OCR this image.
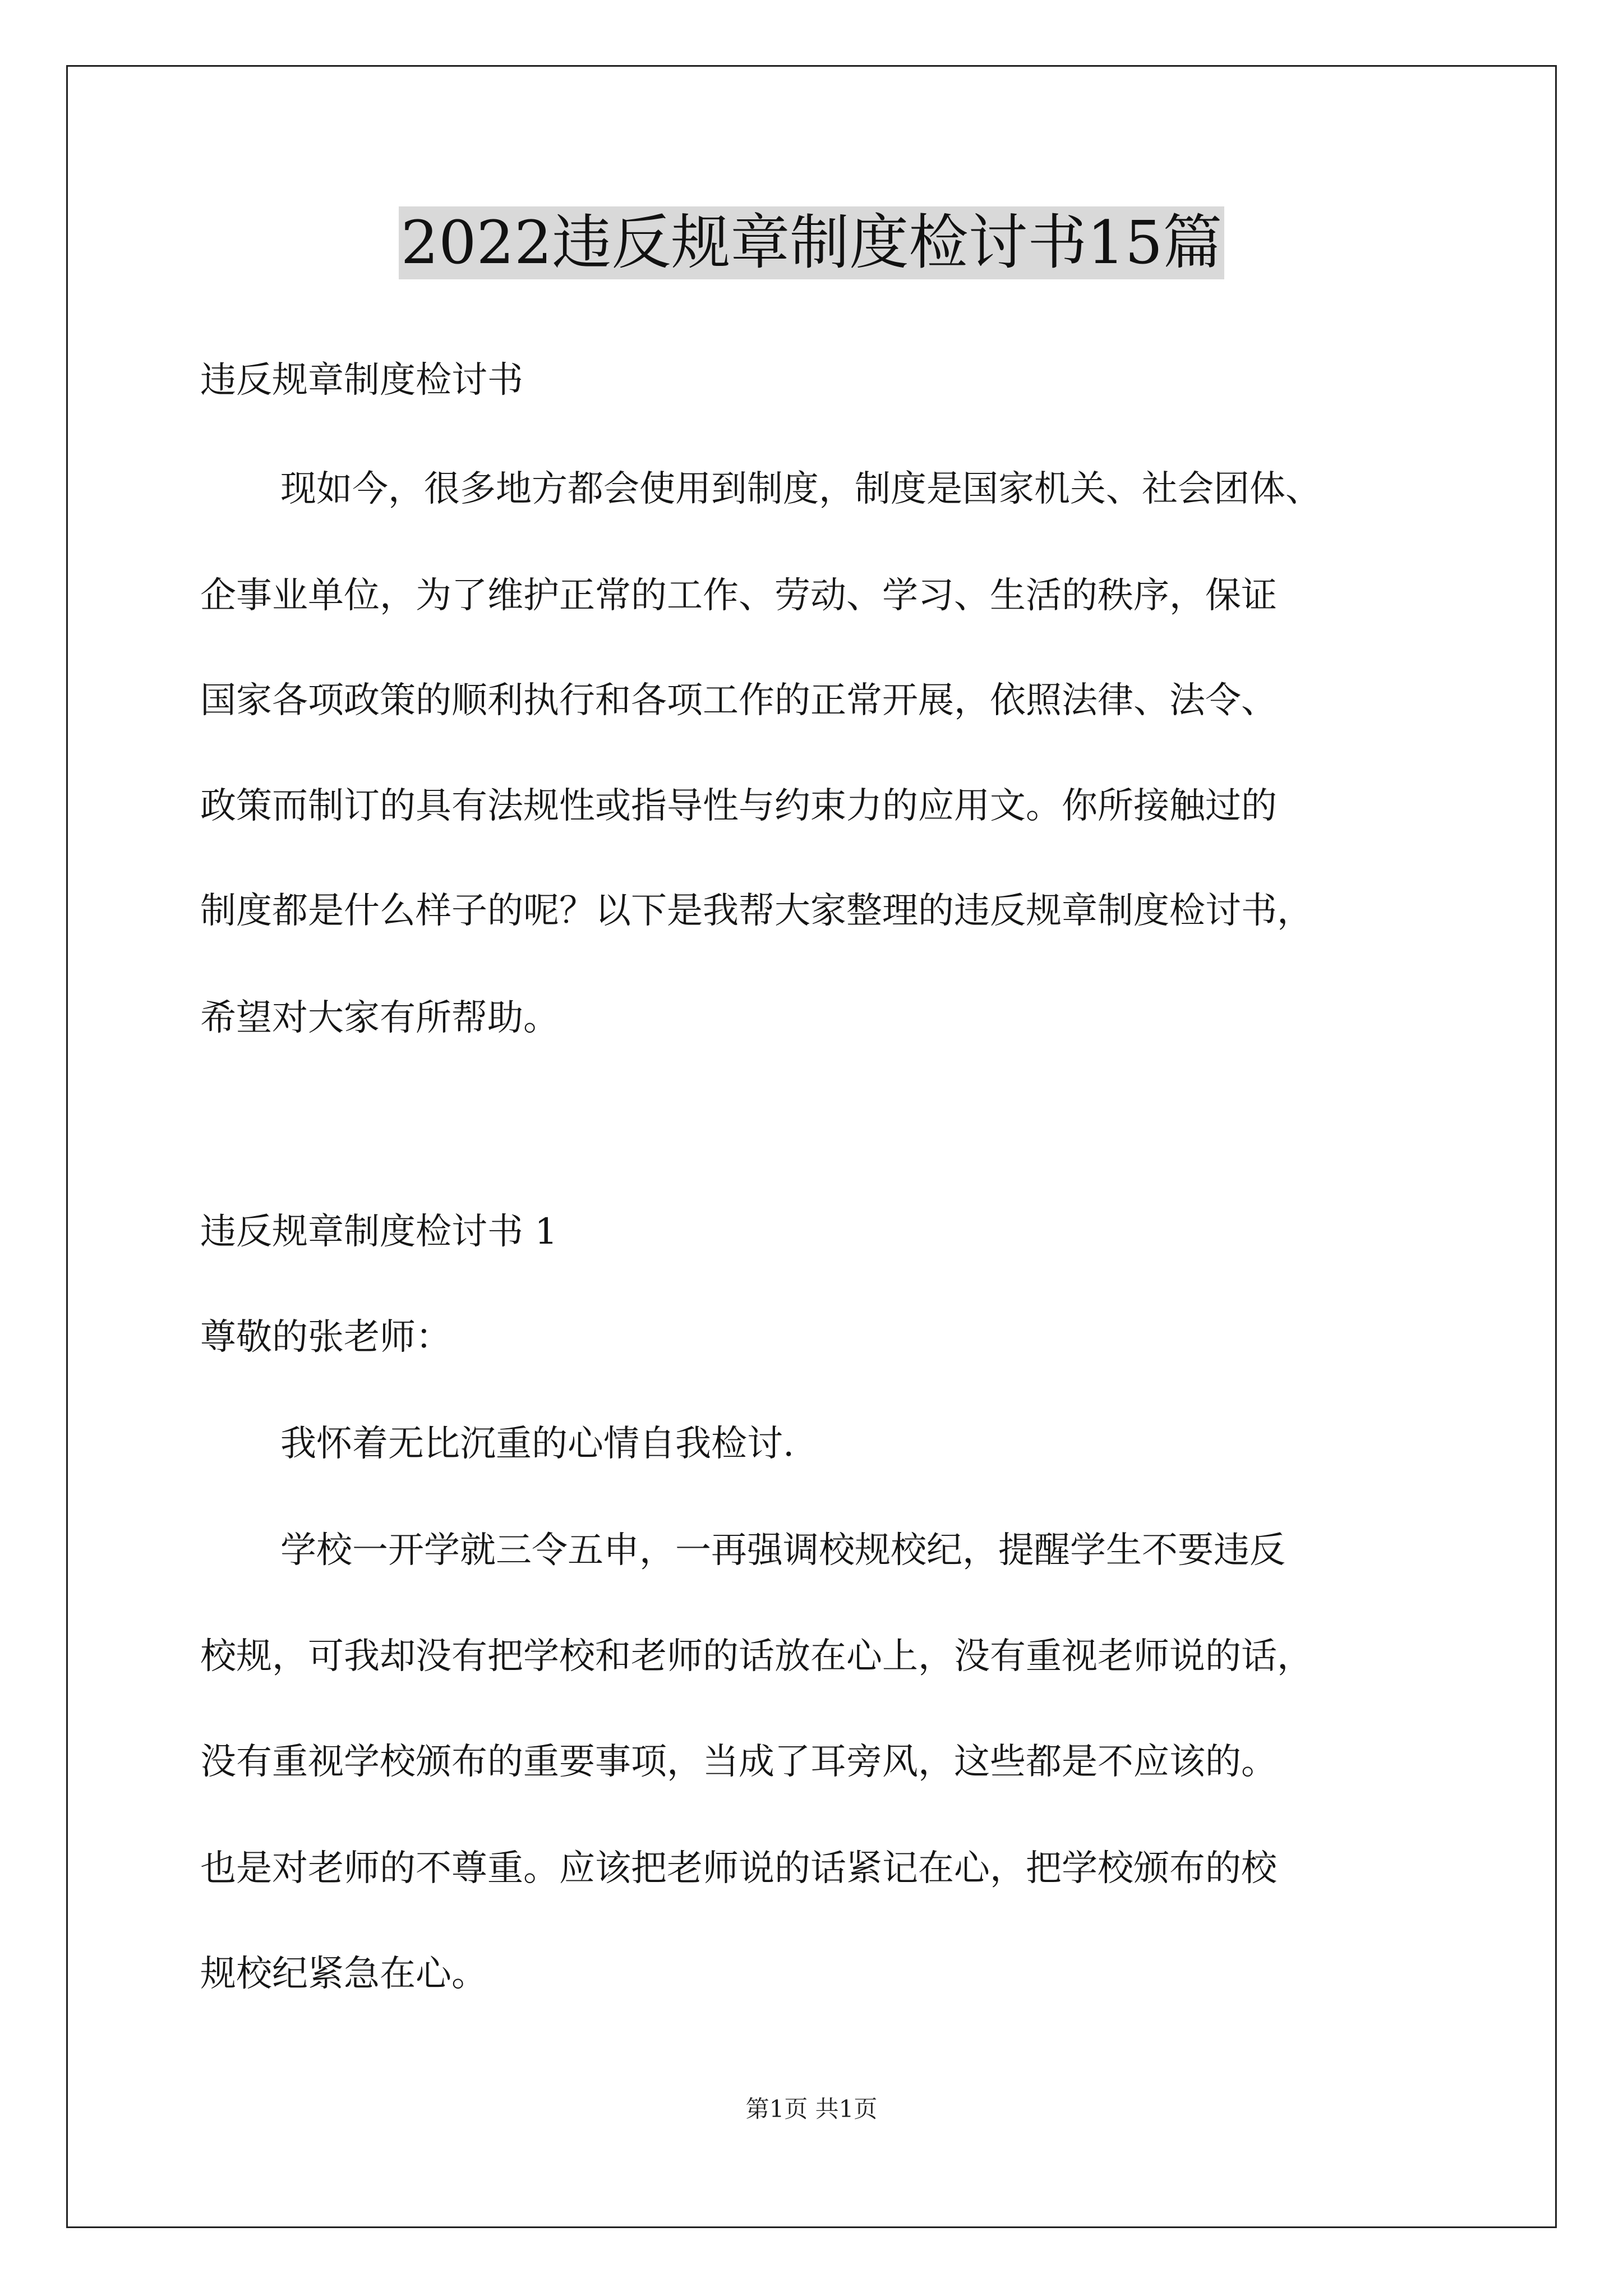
2022违反规章制度检讨书15篇
违反规章制度检讨书
现如今，很多地方都会使用到制度，制度是国家机关、社会团体、
企事业单位，为了维护正常的工作、劳动、学习、生活的秩序，保证
国家各项政策的顺利执行和各项工作的正常开展，依照法律、法令、
政策而制订的具有法规性或指导性与约束力的应用文。你所接触过的
制度都是什么样子的呢？以下是我帮大家整理的违反规章制度检讨书，
希望对大家有所帮助。
违反规章制度检讨书 1
尊敬的张老师：
我怀着无比沉重的心情自我检讨.
学校一开学就三令五申，一再强调校规校纪，提醒学生不要违反
校规，可我却没有把学校和老师的话放在心上，没有重视老师说的话，
没有重视学校颁布的重要事项，当成了耳旁风，这些都是不应该的。
也是对老师的不尊重。应该把老师说的话紧记在心，把学校颁布的校
规校纪紧急在心。
第1页 共1页
